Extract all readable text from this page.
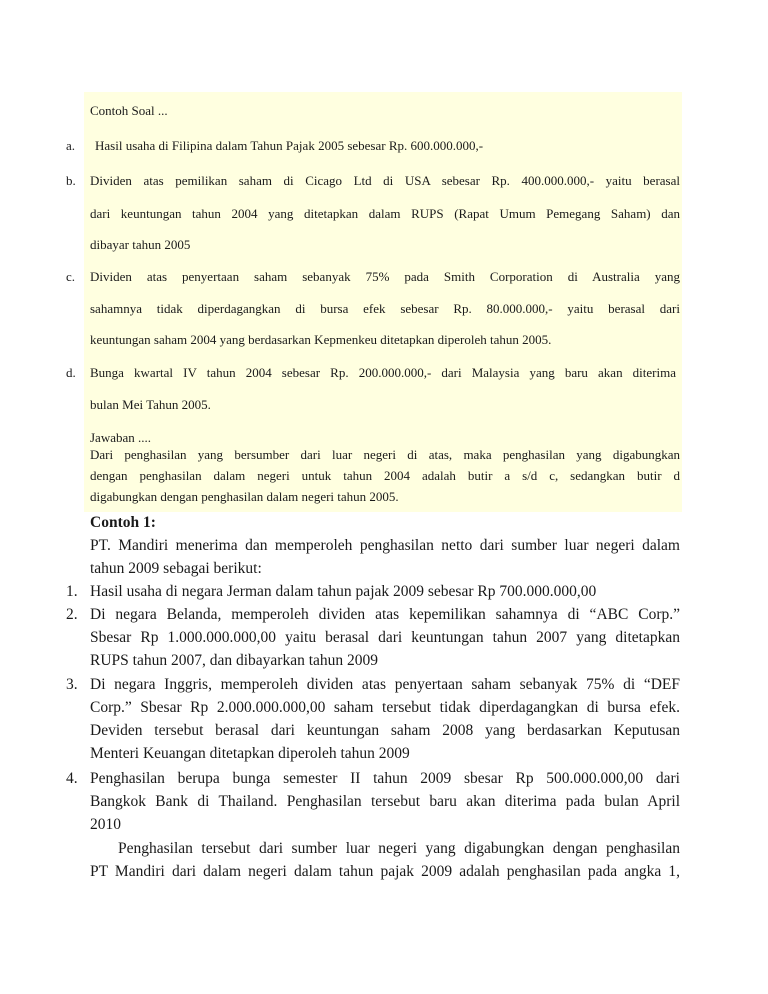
Contoh Soal ...
a. Hasil usaha di Filipina dalam Tahun Pajak 2005 sebesar Rp. 600.000.000,-
b. Dividen atas pemilikan saham di Cicago Ltd di USA sebesar Rp. 400.000.000,- yaitu berasal
dari keuntungan tahun 2004 yang ditetapkan dalam RUPS (Rapat Umum Pemegang Saham) dan
dibayar tahun 2005
c. Dividen atas penyertaan saham sebanyak 75% pada Smith Corporation di Australia yang
sahamnya tidak diperdagangkan di bursa efek sebesar Rp. 80.000.000,- yaitu berasal dari
keuntungan saham 2004 yang berdasarkan Kepmenkeu ditetapkan diperoleh tahun 2005.
d. Bunga kwartal IV tahun 2004 sebesar Rp. 200.000.000,- dari Malaysia yang baru akan diterima
bulan Mei Tahun 2005.
Jawaban ....
Dari penghasilan yang bersumber dari luar negeri di atas, maka penghasilan yang digabungkan
dengan penghasilan dalam negeri untuk tahun 2004 adalah butir a s/d c, sedangkan butir d
digabungkan dengan penghasilan dalam negeri tahun 2005.
Contoh 1:
PT. Mandiri menerima dan memperoleh penghasilan netto dari sumber luar negeri dalam
tahun 2009 sebagai berikut:
1. Hasil usaha di negara Jerman dalam tahun pajak 2009 sebesar Rp 700.000.000,00
2. Di negara Belanda, memperoleh dividen atas kepemilikan sahamnya di “ABC Corp.”
Sbesar Rp 1.000.000.000,00 yaitu berasal dari keuntungan tahun 2007 yang ditetapkan
RUPS tahun 2007, dan dibayarkan tahun 2009
3. Di negara Inggris, memperoleh dividen atas penyertaan saham sebanyak 75% di “DEF
Corp.” Sbesar Rp 2.000.000.000,00 saham tersebut tidak diperdagangkan di bursa efek.
Deviden tersebut berasal dari keuntungan saham 2008 yang berdasarkan Keputusan
Menteri Keuangan ditetapkan diperoleh tahun 2009
4. Penghasilan berupa bunga semester II tahun 2009 sbesar Rp 500.000.000,00 dari
Bangkok Bank di Thailand. Penghasilan tersebut baru akan diterima pada bulan April
2010
Penghasilan tersebut dari sumber luar negeri yang digabungkan dengan penghasilan
PT Mandiri dari dalam negeri dalam tahun pajak 2009 adalah penghasilan pada angka 1,
